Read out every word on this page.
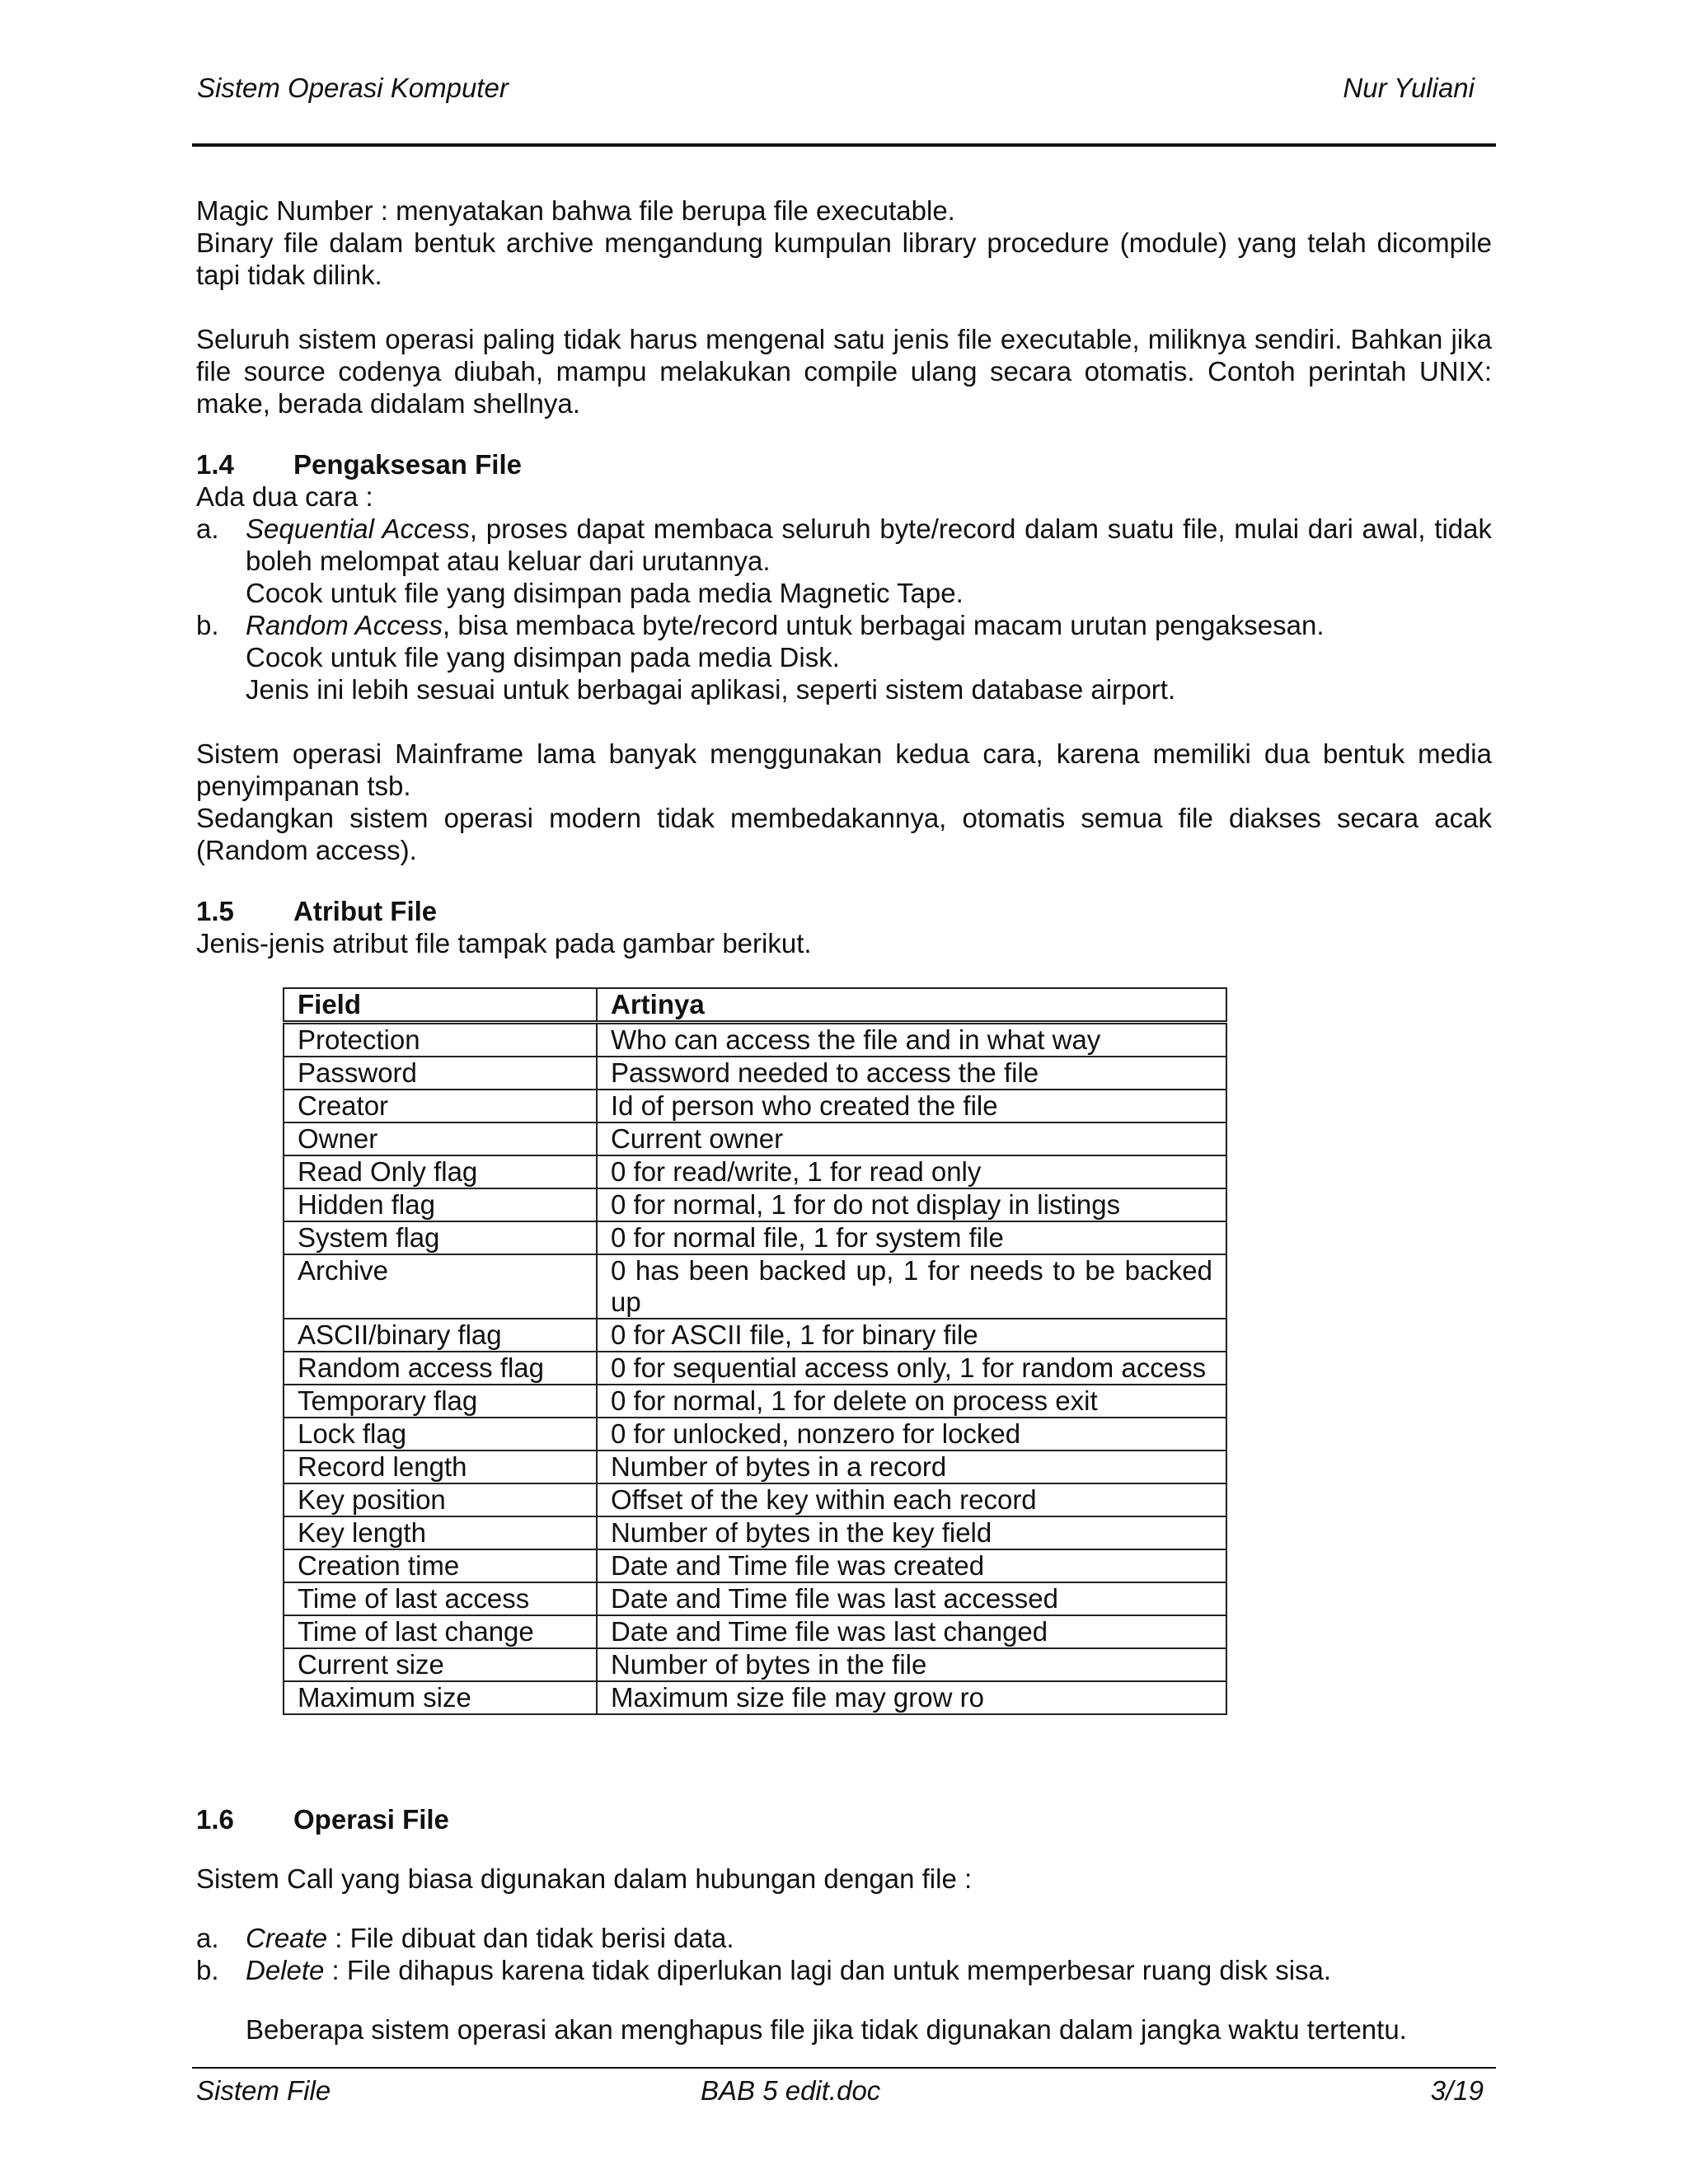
Sistem Operasi Komputer	Nur Yuliani

Magic Number : menyatakan bahwa file berupa file executable.

Binary file dalam bentuk archive mengandung kumpulan library procedure (module) yang telah dicompile tapi tidak dilink.

Seluruh sistem operasi paling tidak harus mengenal satu jenis file executable, miliknya sendiri. Bahkan jika file source codenya diubah, mampu melakukan compile ulang secara otomatis. Contoh perintah UNIX: make, berada didalam shellnya.

1.4	Pengaksesan File

Ada dua cara :

a. Sequential Access, proses dapat membaca seluruh byte/record dalam suatu file, mulai dari awal, tidak boleh melompat atau keluar dari urutannya.

Cocok untuk file yang disimpan pada media Magnetic Tape.

b. Random Access, bisa membaca byte/record untuk berbagai macam urutan pengaksesan.

Cocok untuk file yang disimpan pada media Disk.

Jenis ini lebih sesuai untuk berbagai aplikasi, seperti sistem database airport.

Sistem operasi Mainframe lama banyak menggunakan kedua cara, karena memiliki dua bentuk media penyimpanan tsb.

Sedangkan sistem operasi modern tidak membedakannya, otomatis semua file diakses secara acak (Random access).

1.5	Atribut File

Jenis-jenis atribut file tampak pada gambar berikut.

Field	Artinya
Protection	Who can access the file and in what way
Password	Password needed to access the file
Creator	Id of person who created the file
Owner	Current owner
Read Only flag	0 for read/write, 1 for read only
Hidden flag	0 for normal, 1 for do not display in listings
System flag	0 for normal file, 1 for system file
Archive	0 has been backed up, 1 for needs to be backed up
ASCII/binary flag	0 for ASCII file, 1 for binary file
Random access flag	0 for sequential access only, 1 for random access
Temporary flag	0 for normal, 1 for delete on process exit
Lock flag	0 for unlocked, nonzero for locked
Record length	Number of bytes in a record
Key position	Offset of the key within each record
Key length	Number of bytes in the key field
Creation time	Date and Time file was created
Time of last access	Date and Time file was last accessed
Time of last change	Date and Time file was last changed
Current size	Number of bytes in the file
Maximum size	Maximum size file may grow ro
1.6	Operasi File

Sistem Call yang biasa digunakan dalam hubungan dengan file :

a. Create : File dibuat dan tidak berisi data.
b. Delete : File dihapus karena tidak diperlukan lagi dan untuk memperbesar ruang disk sisa.

Beberapa sistem operasi akan menghapus file jika tidak digunakan dalam jangka waktu tertentu.

Sistem File	BAB 5 edit.doc	3/19
